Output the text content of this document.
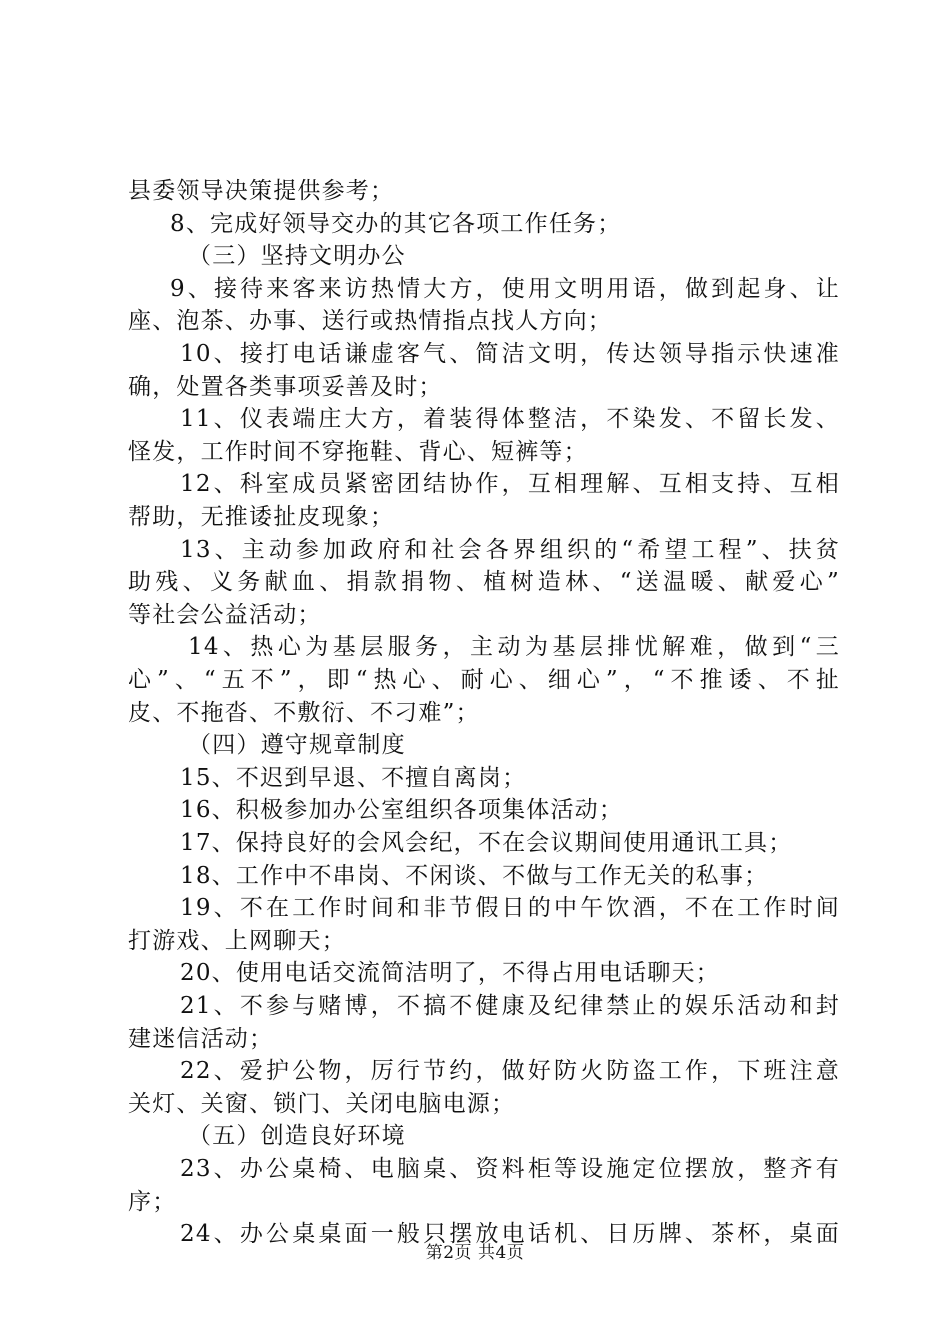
县委领导决策提供参考；
8、完成好领导交办的其它各项工作任务；
（三）坚持文明办公
9、接待来客来访热情大方，使用文明用语，做到起身、让
座、泡茶、办事、送行或热情指点找人方向；
10、接打电话谦虚客气、简洁文明，传达领导指示快速准
确，处置各类事项妥善及时；
11、仪表端庄大方，着装得体整洁，不染发、不留长发、
怪发，工作时间不穿拖鞋、背心、短裤等；
12、科室成员紧密团结协作，互相理解、互相支持、互相
帮助，无推诿扯皮现象；
13、主动参加政府和社会各界组织的“希望工程”、扶贫
助残、义务献血、捐款捐物、植树造林、“送温暖、献爱心”
等社会公益活动；
14、热心为基层服务，主动为基层排忧解难，做到“三
心”、“五不”，即“热心、耐心、细心”，“不推诿、不扯
皮、不拖沓、不敷衍、不刁难”；
（四）遵守规章制度
15、不迟到早退、不擅自离岗；
16、积极参加办公室组织各项集体活动；
17、保持良好的会风会纪，不在会议期间使用通讯工具；
18、工作中不串岗、不闲谈、不做与工作无关的私事；
19、不在工作时间和非节假日的中午饮酒，不在工作时间
打游戏、上网聊天；
20、使用电话交流简洁明了，不得占用电话聊天；
21、不参与赌博，不搞不健康及纪律禁止的娱乐活动和封
建迷信活动；
22、爱护公物，厉行节约，做好防火防盗工作，下班注意
关灯、关窗、锁门、关闭电脑电源；
（五）创造良好环境
23、办公桌椅、电脑桌、资料柜等设施定位摆放，整齐有
序；
24、办公桌桌面一般只摆放电话机、日历牌、茶杯，桌面
第2页 共4页
